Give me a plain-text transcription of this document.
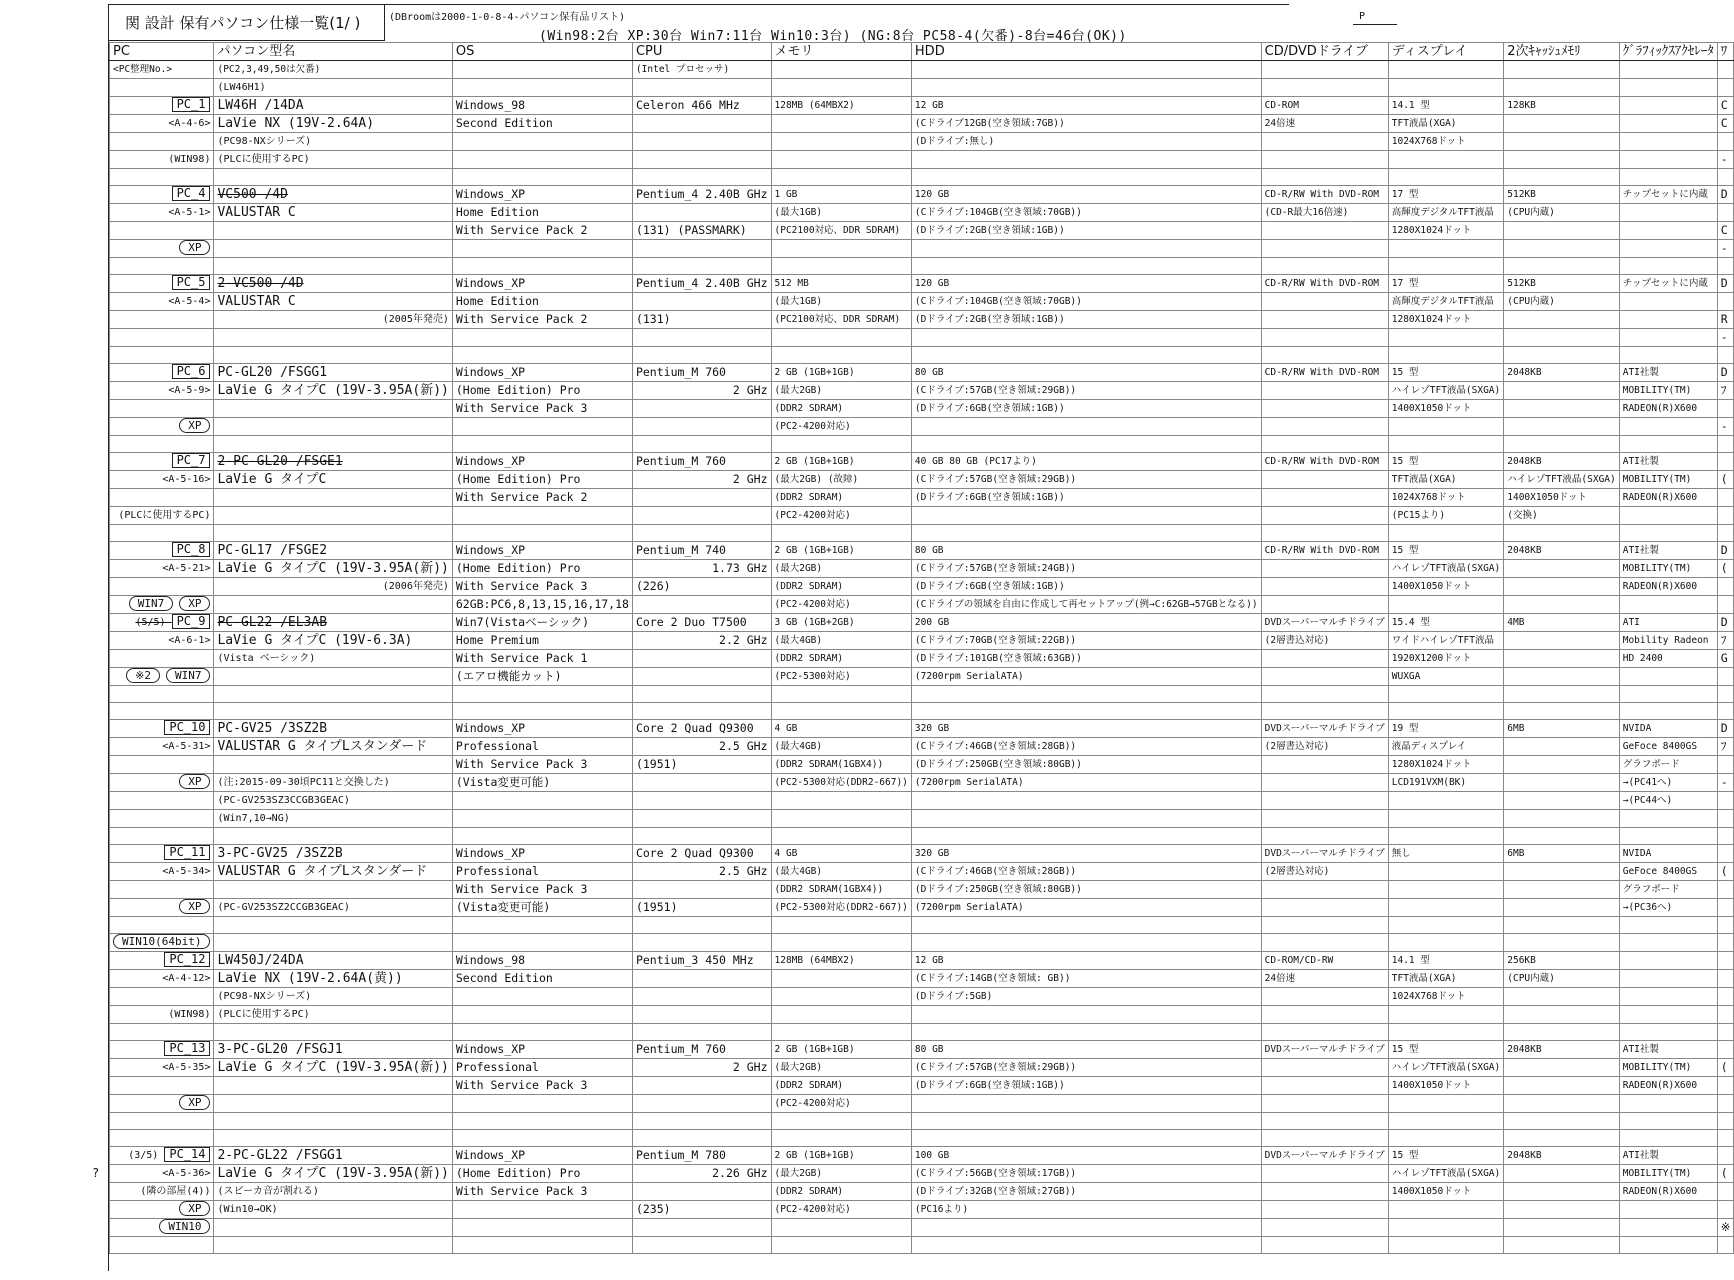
関 設計 保有パソコン仕様一覧(1/ )	(DBroomは2000-1-0-8-4-パソコン保有品リスト)
(Win98:2台 XP:30台 Win7:11台 Win10:3台) (NG:8台 PC58-4(欠番)-8台=46台(OK))
P
PC	パソコン型名	OS	CPU	メモリ	HDD	CD/DVDドライブ	ディスプレイ	2次ｷｬｯｼｭﾒﾓﾘ	ｸﾞﾗﾌｨｯｸｽｱｸｾﾚｰﾀ	ﾜ
<PC整理No.>	(PC2,3,49,50は欠番)		(Intel プロセッサ)							
	(LW46H1)									
PC_1	LW46H /14DA	Windows_98	Celeron 466 MHz	128MB (64MBX2)	12 GB	CD-ROM	14.1 型	128KB		C
<A-4-6>	LaVie NX (19V-2.64A)	Second Edition			(Cドライブ12GB(空き領域:7GB))	24倍速	TFT液晶(XGA)			C
	(PC98-NXシリーズ)				(Dドライブ:無し)		1024X768ドット			
(WIN98)	(PLCに使用するPC)									-

PC_4	VC500 /4D	Windows_XP	Pentium_4 2.40B GHz	1 GB	120 GB	CD-R/RW With DVD-ROM	17 型	512KB	チップセットに内蔵	D
<A-5-1>	VALUSTAR C	Home Edition		(最大1GB)	(Cドライブ:104GB(空き領域:70GB))	(CD-R最大16倍速)	高輝度デジタルTFT液晶	(CPU内蔵)		
		With Service Pack 2	(131) (PASSMARK)	(PC2100対応、DDR SDRAM)	(Dドライブ:2GB(空き領域:1GB))		1280X1024ドット			C
XP										-

PC_5	2-VC500 /4D	Windows_XP	Pentium_4 2.40B GHz	512 MB	120 GB	CD-R/RW With DVD-ROM	17 型	512KB	チップセットに内蔵	D
<A-5-4>	VALUSTAR C	Home Edition		(最大1GB)	(Cドライブ:104GB(空き領域:70GB))		高輝度デジタルTFT液晶	(CPU内蔵)		
	(2005年発売)	With Service Pack 2	(131)	(PC2100対応、DDR SDRAM)	(Dドライブ:2GB(空き領域:1GB))		1280X1024ドット			R
										-

PC_6	PC-GL20 /FSGG1	Windows_XP	Pentium_M 760	2 GB (1GB+1GB)	80 GB	CD-R/RW With DVD-ROM	15 型	2048KB	ATI社製	D
<A-5-9>	LaVie G タイプC (19V-3.95A(新))	(Home Edition) Pro	2 GHz	(最大2GB)	(Cドライブ:57GB(空き領域:29GB))		ハイレゾTFT液晶(SXGA)		MOBILITY(TM)	ﾌ
		With Service Pack 3		(DDR2 SDRAM)	(Dドライブ:6GB(空き領域:1GB))		1400X1050ドット		RADEON(R)X600	
XP				(PC2-4200対応)						-

PC_7	2-PC-GL20 /FSGE1	Windows_XP	Pentium_M 760	2 GB (1GB+1GB)	40 GB 80 GB (PC17より)	CD-R/RW With DVD-ROM	15 型	2048KB	ATI社製	
<A-5-16>	LaVie G タイプC	(Home Edition) Pro	2 GHz	(最大2GB) (故障)	(Cドライブ:57GB(空き領域:29GB))		TFT液晶(XGA)	ハイレゾTFT液晶(SXGA)	MOBILITY(TM)	(
		With Service Pack 2		(DDR2 SDRAM)	(Dドライブ:6GB(空き領域:1GB))		1024X768ドット	1400X1050ドット	RADEON(R)X600	
(PLCに使用するPC)				(PC2-4200対応)			(PC15より)	(交換)		

PC_8	PC-GL17 /FSGE2	Windows_XP	Pentium_M 740	2 GB (1GB+1GB)	80 GB	CD-R/RW With DVD-ROM	15 型	2048KB	ATI社製	D
<A-5-21>	LaVie G タイプC (19V-3.95A(新))	(Home Edition) Pro	1.73 GHz	(最大2GB)	(Cドライブ:57GB(空き領域:24GB))		ハイレゾTFT液晶(SXGA)		MOBILITY(TM)	(
	(2006年発売)	With Service Pack 3	(226)	(DDR2 SDRAM)	(Dドライブ:6GB(空き領域:1GB))		1400X1050ドット		RADEON(R)X600	
WIN7 XP		62GB:PC6,8,13,15,16,17,18		(PC2-4200対応)	(Cドライブの領域を自由に作成して再セットアップ(例→C:62GB→57GBとなる))					
(5/5) PC_9	PC-GL22 /EL3AB	Win7(Vistaベーシック)	Core 2 Duo T7500	3 GB (1GB+2GB)	200 GB	DVDスーパーマルチドライブ	15.4 型	4MB	ATI	D
<A-6-1>	LaVie G タイプC (19V-6.3A)	Home Premium	2.2 GHz	(最大4GB)	(Cドライブ:70GB(空き領域:22GB))	(2層書込対応)	ワイドハイレゾTFT液晶		Mobility Radeon	ﾌ
	(Vista ベーシック)	With Service Pack 1		(DDR2 SDRAM)	(Dドライブ:101GB(空き領域:63GB))		1920X1200ドット		HD 2400	G
※2 WIN7		(エアロ機能カット)		(PC2-5300対応)	(7200rpm SerialATA)		WUXGA			

PC_10	PC-GV25 /3SZ2B	Windows_XP	Core 2 Quad Q9300	4 GB	320 GB	DVDスーパーマルチドライブ	19 型	6MB	NVIDA	D
<A-5-31>	VALUSTAR G タイプLスタンダード	Professional	2.5 GHz	(最大4GB)	(Cドライブ:46GB(空き領域:28GB))	(2層書込対応)	液晶ディスプレイ		GeFoce 8400GS	ﾌ
		With Service Pack 3	(1951)	(DDR2 SDRAM(1GBX4))	(Dドライブ:250GB(空き領域:80GB))		1280X1024ドット		グラフボード	
XP	(注:2015-09-30頃PC11と交換した)	(Vista変更可能)		(PC2-5300対応(DDR2-667))	(7200rpm SerialATA)		LCD191VXM(BK)		→(PC41へ)	-
	(PC-GV253SZ3CCGB3GEAC)								→(PC44へ)	
	(Win7,10→NG)									

PC_11	3-PC-GV25 /3SZ2B	Windows_XP	Core 2 Quad Q9300	4 GB	320 GB	DVDスーパーマルチドライブ	無し	6MB	NVIDA	
<A-5-34>	VALUSTAR G タイプLスタンダード	Professional	2.5 GHz	(最大4GB)	(Cドライブ:46GB(空き領域:28GB))	(2層書込対応)			GeFoce 8400GS	(
		With Service Pack 3		(DDR2 SDRAM(1GBX4))	(Dドライブ:250GB(空き領域:80GB))				グラフボード	
XP	(PC-GV253SZ2CCGB3GEAC)	(Vista変更可能)	(1951)	(PC2-5300対応(DDR2-667))	(7200rpm SerialATA)				→(PC36へ)	

WIN10(64bit)										
PC_12	LW450J/24DA	Windows_98	Pentium_3 450 MHz	128MB (64MBX2)	12 GB	CD-ROM/CD-RW	14.1 型	256KB		
<A-4-12>	LaVie NX (19V-2.64A(黄))	Second Edition			(Cドライブ:14GB(空き領域: GB))	24倍速	TFT液晶(XGA)	(CPU内蔵)		
	(PC98-NXシリーズ)				(Dドライブ:5GB)		1024X768ドット			
(WIN98)	(PLCに使用するPC)									

PC_13	3-PC-GL20 /FSGJ1	Windows_XP	Pentium_M 760	2 GB (1GB+1GB)	80 GB	DVDスーパーマルチドライブ	15 型	2048KB	ATI社製	
<A-5-35>	LaVie G タイプC (19V-3.95A(新))	Professional	2 GHz	(最大2GB)	(Cドライブ:57GB(空き領域:29GB))		ハイレゾTFT液晶(SXGA)		MOBILITY(TM)	(
		With Service Pack 3		(DDR2 SDRAM)	(Dドライブ:6GB(空き領域:1GB))		1400X1050ドット		RADEON(R)X600	
XP				(PC2-4200対応)						

(3/5) PC_14	2-PC-GL22 /FSGG1	Windows_XP	Pentium_M 780	2 GB (1GB+1GB)	100 GB	DVDスーパーマルチドライブ	15 型	2048KB	ATI社製	
<A-5-36>	LaVie G タイプC (19V-3.95A(新))	(Home Edition) Pro	2.26 GHz	(最大2GB)	(Cドライブ:56GB(空き領域:17GB))		ハイレゾTFT液晶(SXGA)		MOBILITY(TM)	(
(隣の部屋(4))	(スピーカ音が割れる)	With Service Pack 3		(DDR2 SDRAM)	(Dドライブ:32GB(空き領域:27GB))		1400X1050ドット		RADEON(R)X600	
XP	(Win10→OK)		(235)	(PC2-4200対応)	(PC16より)					
WIN10										※

?
